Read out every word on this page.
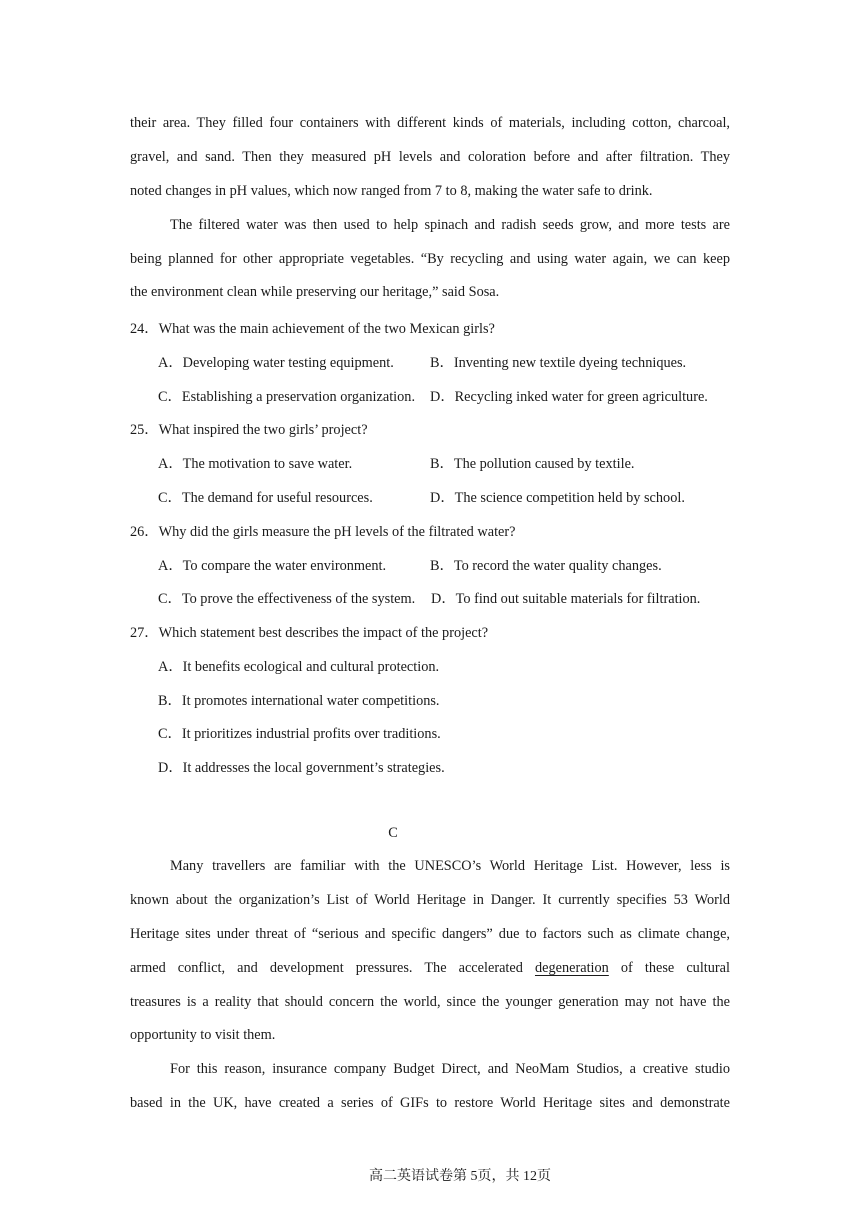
their area. They filled four containers with different kinds of materials, including cotton, charcoal,
gravel, and sand. Then they measured pH levels and coloration before and after filtration. They
noted changes in pH values, which now ranged from 7 to 8, making the water safe to drink.
The filtered water was then used to help spinach and radish seeds grow, and more tests are
being planned for other appropriate vegetables. “By recycling and using water again, we can keep
the environment clean while preserving our heritage,” said Sosa.
24．What was the main achievement of the two Mexican girls?
A．Developing water testing equipment.	B．Inventing new textile dyeing techniques.
C．Establishing a preservation organization. D．Recycling inked water for green agriculture.
25．What inspired the two girls’ project?
A．The motivation to save water.	B．The pollution caused by textile.
C．The demand for useful resources.	D．The science competition held by school.
26．Why did the girls measure the pH levels of the filtrated water?
A．To compare the water environment.	B．To record the water quality changes.
C．To prove the effectiveness of the system. D．To find out suitable materials for filtration.
27．Which statement best describes the impact of the project?
A．It benefits ecological and cultural protection.
B．It promotes international water competitions.
C．It prioritizes industrial profits over traditions.
D．It addresses the local government’s strategies.
C
Many travellers are familiar with the UNESCO’s World Heritage List. However, less is
known about the organization’s List of World Heritage in Danger. It currently specifies 53 World
Heritage sites under threat of “serious and specific dangers” due to factors such as climate change,
armed conflict, and development pressures. The accelerated degeneration of these cultural
treasures is a reality that should concern the world, since the younger generation may not have the
opportunity to visit them.
For this reason, insurance company Budget Direct, and NeoMam Studios, a creative studio
based in the UK, have created a series of GIFs to restore World Heritage sites and demonstrate
高二英语试卷第 5页，共 12页
